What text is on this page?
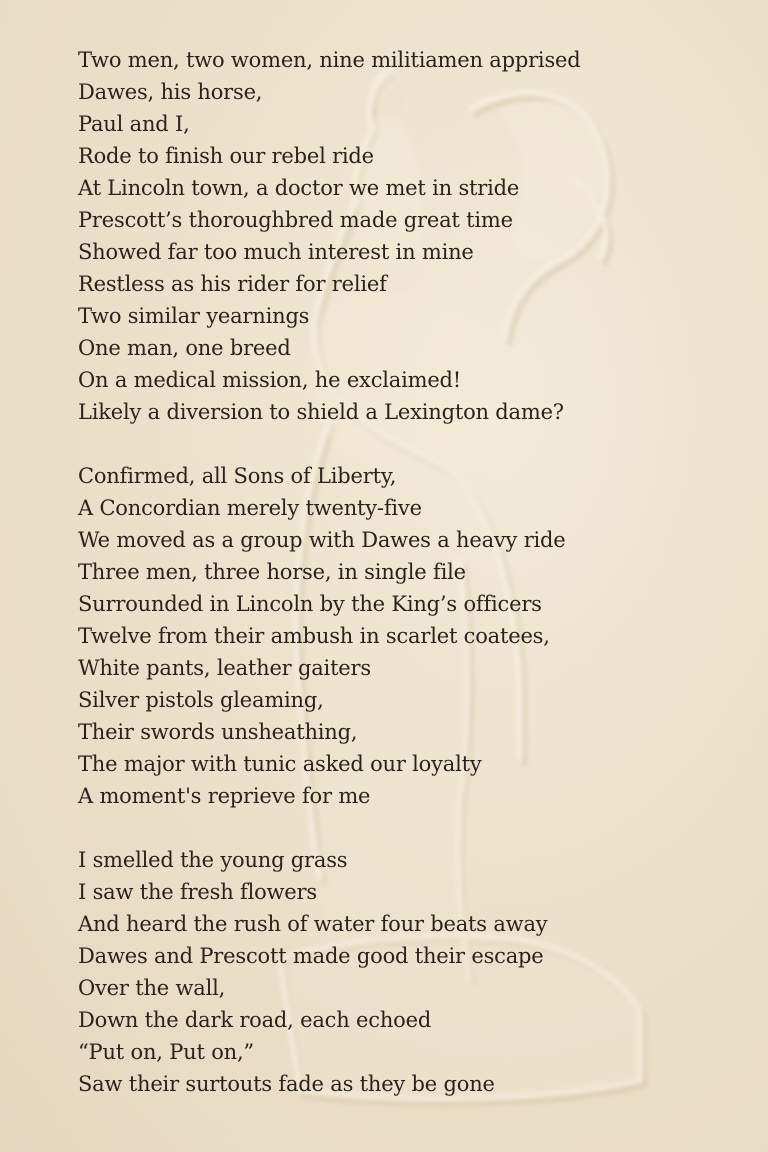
Two men, two women, nine militiamen apprised
Dawes, his horse,
Paul and I,
Rode to finish our rebel ride
At Lincoln town, a doctor we met in stride
Prescott’s thoroughbred made great time
Showed far too much interest in mine
Restless as his rider for relief
Two similar yearnings
One man, one breed
On a medical mission, he exclaimed!
Likely a diversion to shield a Lexington dame?
Confirmed, all Sons of Liberty,
A Concordian merely twenty-five
We moved as a group with Dawes a heavy ride
Three men, three horse, in single file
Surrounded in Lincoln by the King’s officers
Twelve from their ambush in scarlet coatees,
White pants, leather gaiters
Silver pistols gleaming,
Their swords unsheathing,
The major with tunic asked our loyalty
A moment's reprieve for me
I smelled the young grass
I saw the fresh flowers
And heard the rush of water four beats away
Dawes and Prescott made good their escape
Over the wall,
Down the dark road, each echoed
“Put on, Put on,”
Saw their surtouts fade as they be gone
